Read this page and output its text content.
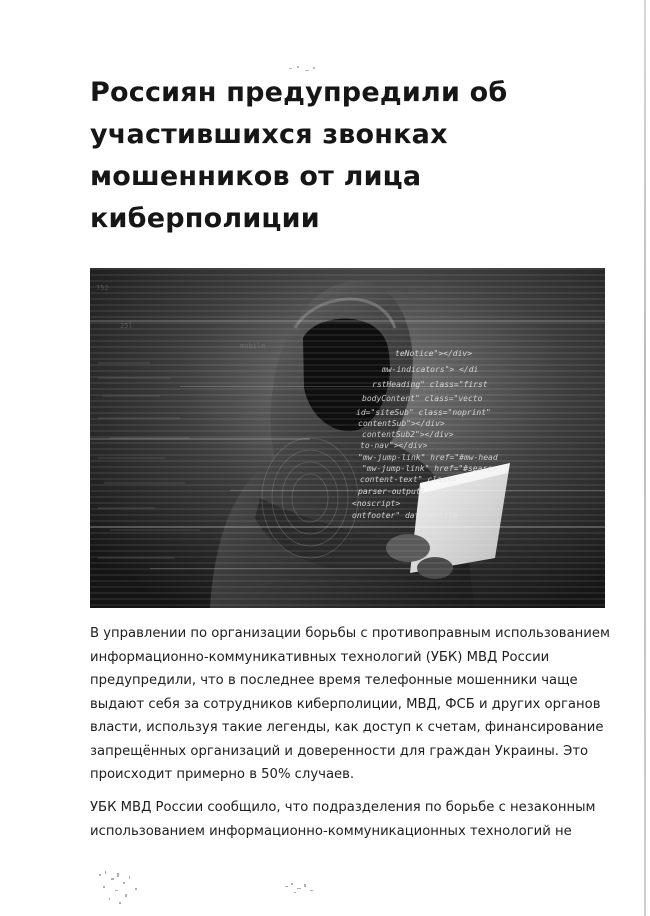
Россиян предупредили об участившихся звонках мошенников от лица киберполиции

В управлении по организации борьбы с противоправным использованием информационно-коммуникативных технологий (УБК) МВД России предупредили, что в последнее время телефонные мошенники чаще выдают себя за сотрудников киберполиции, МВД, ФСБ и других органов власти, используя такие легенды, как доступ к счетам, финансирование запрещённых организаций и доверенности для граждан Украины. Это происходит примерно в 50% случаев.

УБК МВД России сообщило, что подразделения по борьбе с незаконным использованием информационно-коммуникационных технологий не
